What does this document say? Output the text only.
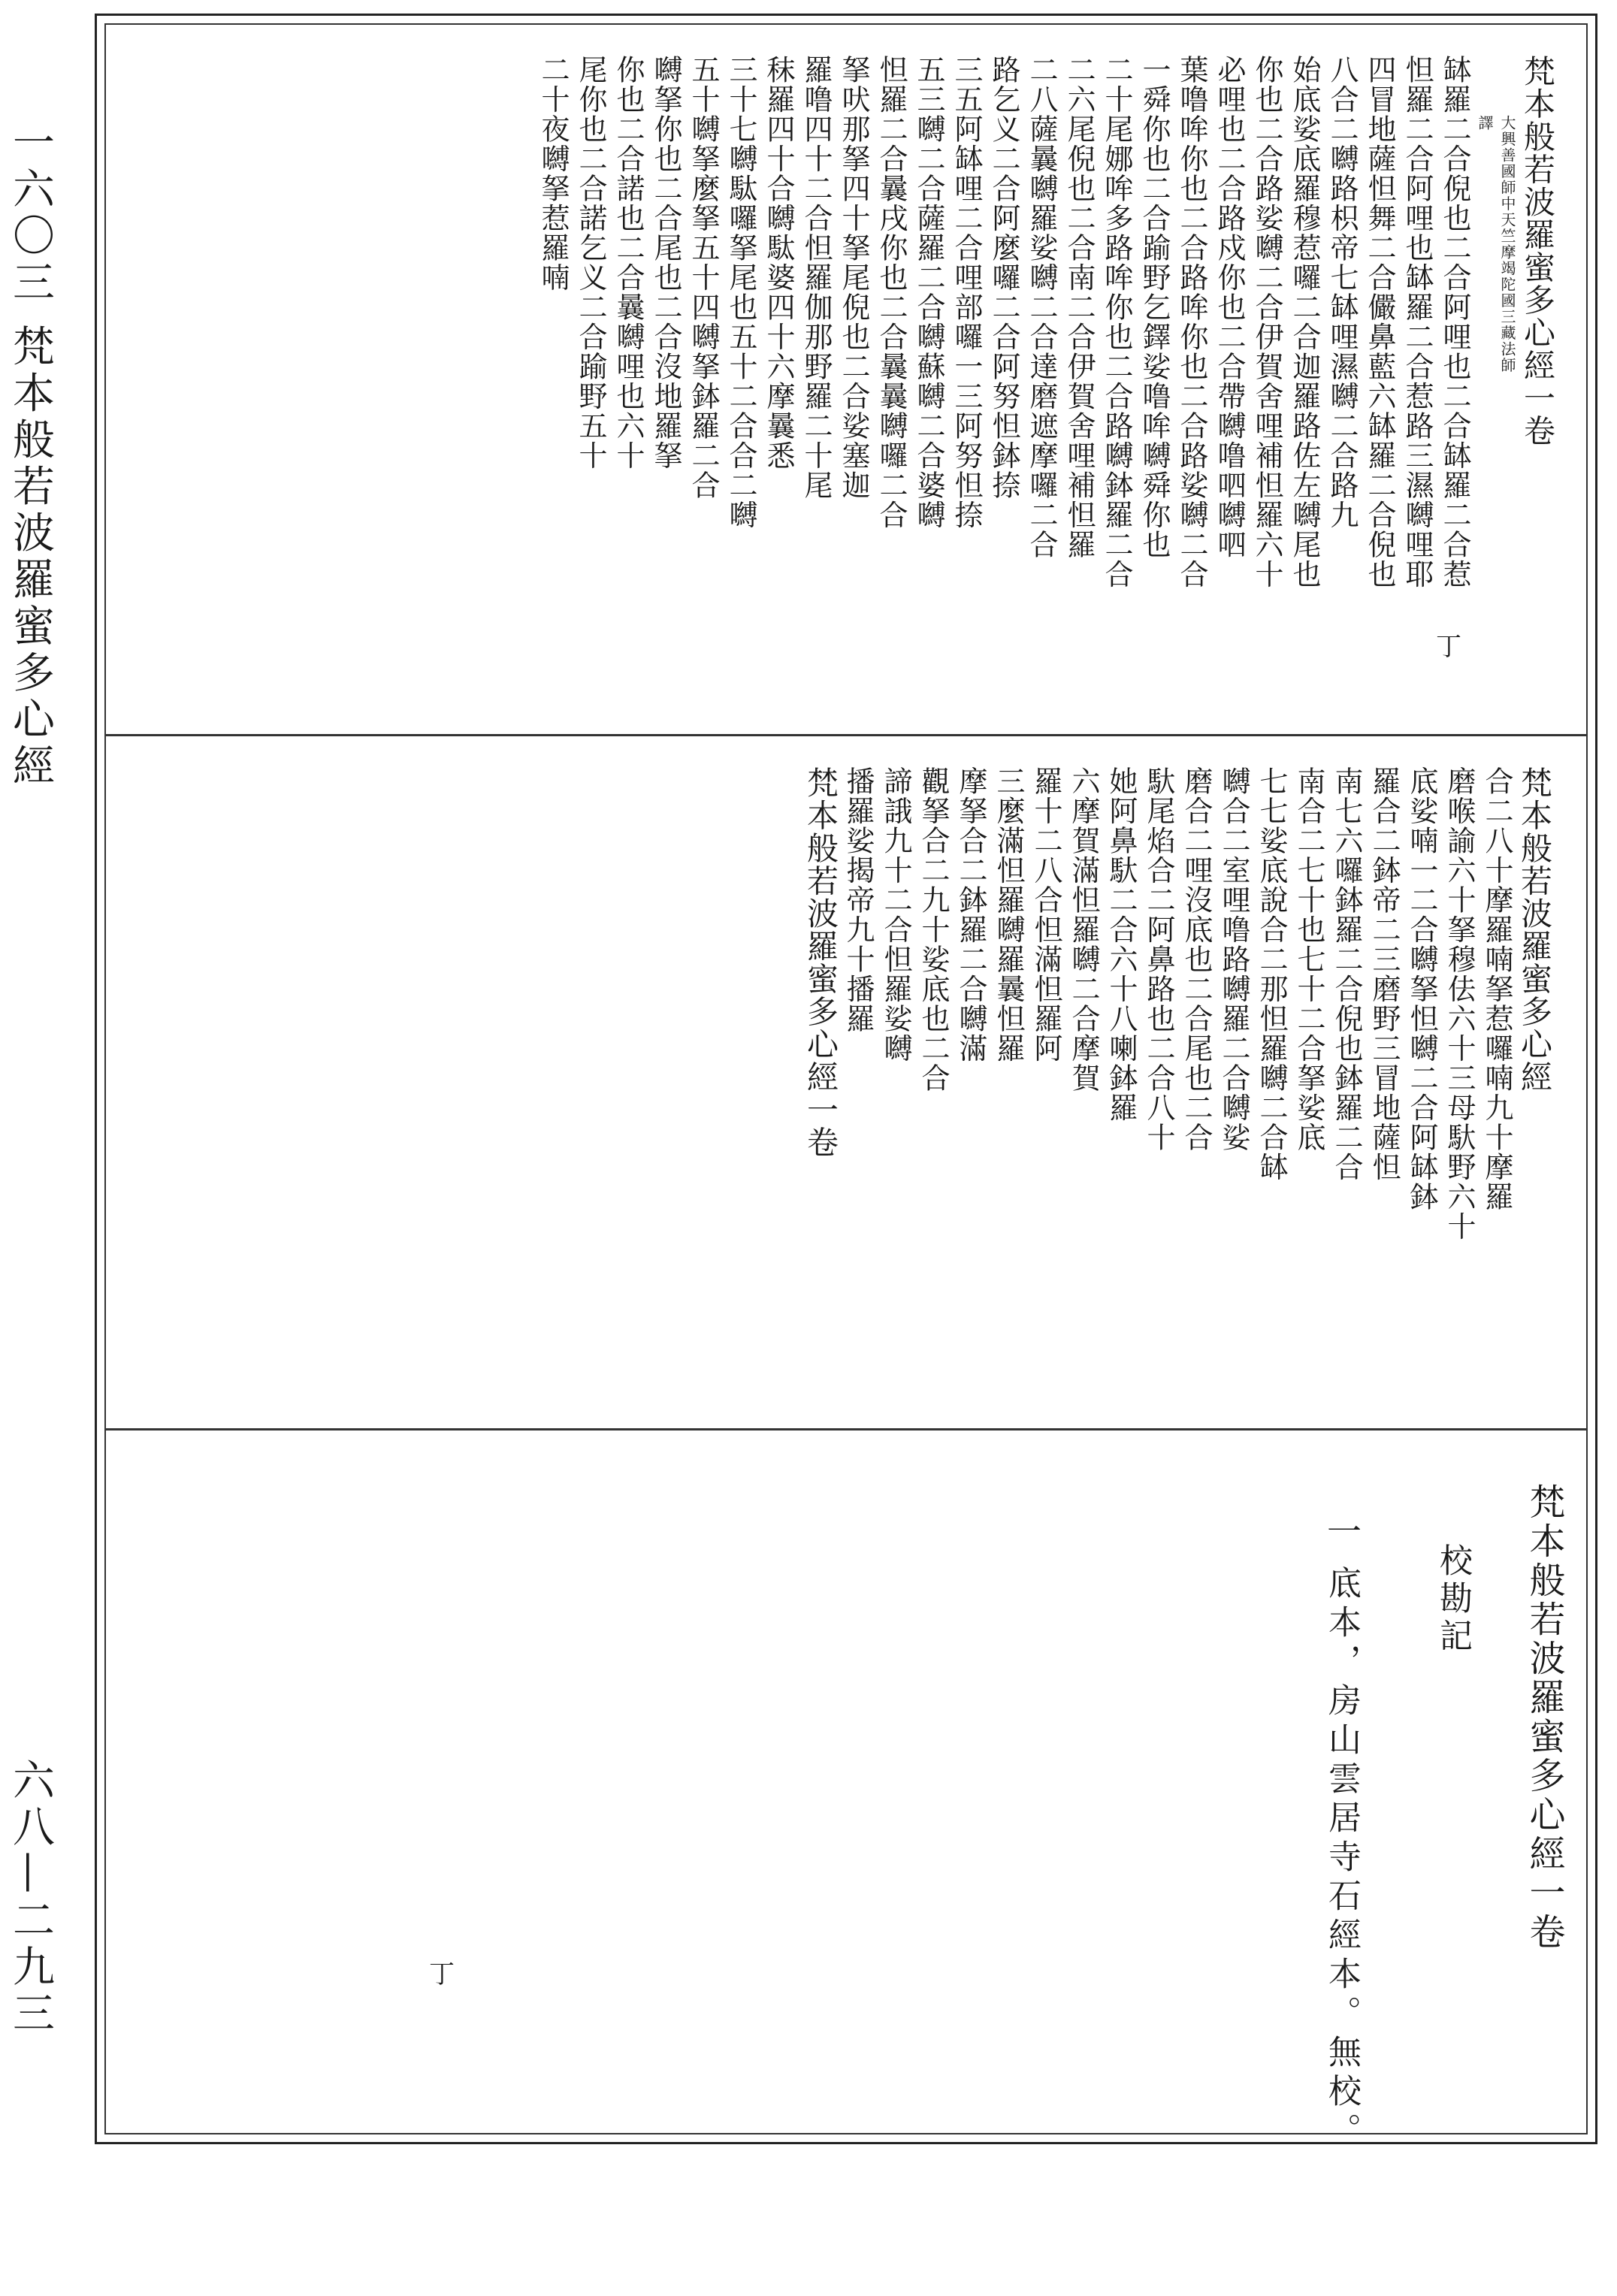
一六〇三 梵本般若波羅蜜多心經
六八—二九三
梵本般若波羅蜜多心經一卷
大興善國師中天竺摩竭陀國三藏法師
譯
缽羅二合倪也二合阿哩也二合缽羅二合惹
怛羅二合阿哩也缽羅二合惹路三濕嚩哩耶
四冒地薩怛舞二合儼鼻藍六缽羅二合倪也
八合二嚩路枳帝七缽哩濕嚩二合路九
始底娑底羅穆惹囉二合迦羅路佐左嚩尾也
你也二合路娑嚩二合伊賀舍哩補怛羅六十
必哩也二合路戍你也二合帶嚩噜呬嚩呬
葉噜哞你也二合路哞你也二合路娑嚩二合
一舜你也二合踰野乞鐸娑噜哞嚩舜你也
二十尾娜哞多路哞你也二合路嚩鉢羅二合
二六尾倪也二合南二合伊賀舍哩補怛羅
二八薩曩嚩羅娑嚩二合達磨遮摩囉二合
路乞义二合阿麼囉二合阿努怛鉢捺
三五阿缽哩二合哩部囉一三阿努怛捺
五三嚩二合薩羅二合嚩蘇嚩二合婆嚩
怛羅二合曩戌你也二合曩曩嚩囉二合
拏吠那拏四十拏尾倪也二合娑塞迦
羅噜四十二合怛羅伽那野羅二十尾
秣羅四十合嚩駄婆四十六摩曩悉
三十七嚩駄囉拏尾也五十二合合二嚩
五十嚩拏麼拏五十四嚩拏鉢羅二合
嚩拏你也二合尾也二合沒地羅拏
你也二合諾也二合曩嚩哩也六十
尾你也二合諾乞义二合踰野五十
二十夜嚩拏惹羅喃
丁
梵本般若波羅蜜多心經
合二八十摩羅喃拏惹囉喃九十摩羅
磨喉諭六十拏穆佉六十三母馱野六十
底娑喃一二合嚩拏怛嚩二合阿缽鉢
羅合二鉢帝二三磨野三冒地薩怛
南七六囉鉢羅二合倪也鉢羅二合
南合二七十也七十二合拏娑底
七七娑底說合二那怛羅嚩二合缽
嚩合二室哩噜路嚩羅二合嚩娑
磨合二哩沒底也二合尾也二合
馱尾焰合二阿鼻路也二合八十
她阿鼻馱二合六十八喇鉢羅
六摩賀滿怛羅嚩二合摩賀
羅十二八合怛滿怛羅阿
三麼滿怛羅嚩羅曩怛羅
摩拏合二鉢羅二合嚩滿
觀拏合二九十娑底也二合
諦誐九十二合怛羅娑嚩
播羅娑揭帝九十播羅
梵本般若波羅蜜多心經一卷
丁
梵本般若波羅蜜多心經一卷
校勘記
一
底本，房山雲居寺石經本。無校。
